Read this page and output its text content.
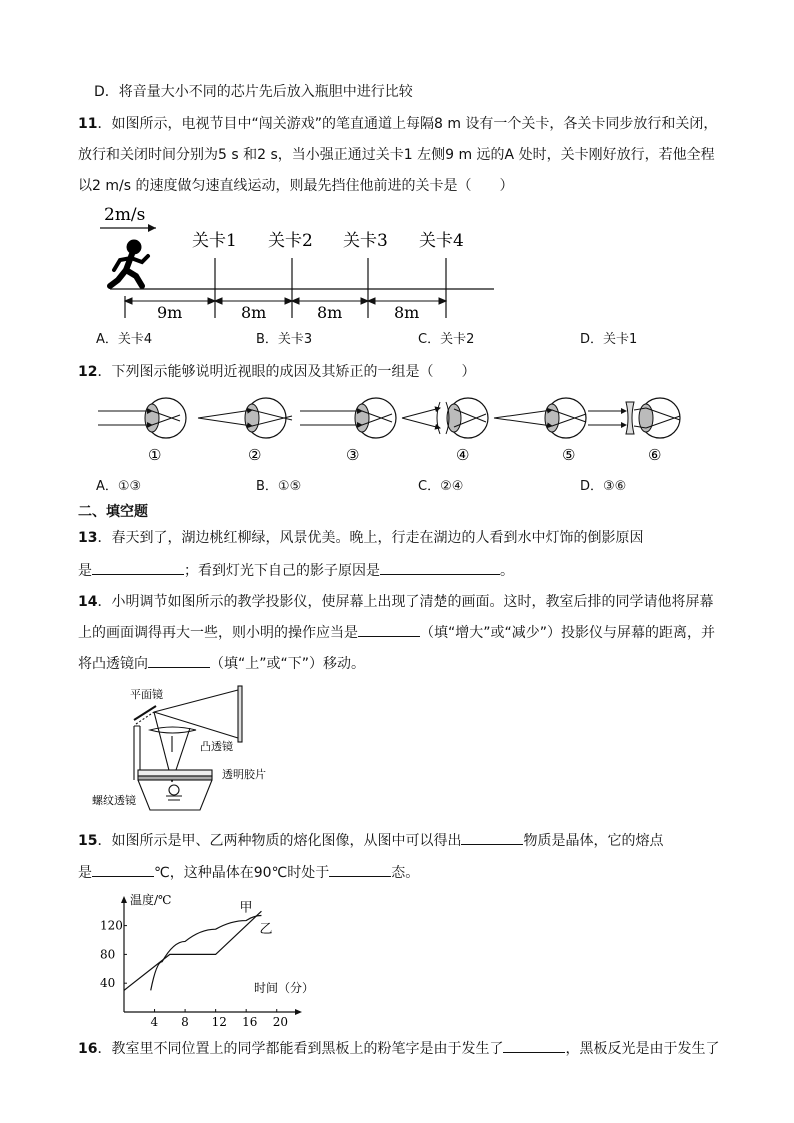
D．将音量大小不同的芯片先后放入瓶胆中进行比较
11．如图所示，电视节目中“闯关游戏”的笔直通道上每隔8 m 设有一个关卡，各关卡同步放行和关闭，
放行和关闭时间分别为5 s 和2 s，当小强正通过关卡1 左侧9 m 远的A 处时，关卡刚好放行，若他全程
以2 m/s 的速度做匀速直线运动，则最先挡住他前进的关卡是（　　）
2m/s
关卡1 关卡2 关卡3 关卡4
9m	8m	8m	8m
A．关卡4	B．关卡3	C．关卡2	D．关卡1
12．下列图示能够说明近视眼的成因及其矫正的一组是（　　）
①	②	③	④	⑤	⑥
A．①③	B．①⑤	C．②④	D．③⑥
二、填空题
13．春天到了，湖边桃红柳绿，风景优美。晚上，行走在湖边的人看到水中灯饰的倒影原因
是	；看到灯光下自己的影子原因是	。
14．小明调节如图所示的教学投影仪，使屏幕上出现了清楚的画面。这时，教室后排的同学请他将屏幕
上的画面调得再大一些，则小明的操作应当是	（填“增大”或“减少”）投影仪与屏幕的距离，并
将凸透镜向	（填“上”或“下”）移动。
平面镜
凸透镜
透明胶片
螺纹透镜
15．如图所示是甲、乙两种物质的熔化图像，从图中可以得出	物质是晶体，它的熔点
是	℃，这种晶体在90℃时处于	态。
4 8 12 16 20
40
80
120
温度/℃
时间（分）
甲
乙
16．教室里不同位置上的同学都能看到黑板上的粉笔字是由于发生了	，黑板反光是由于发生了
